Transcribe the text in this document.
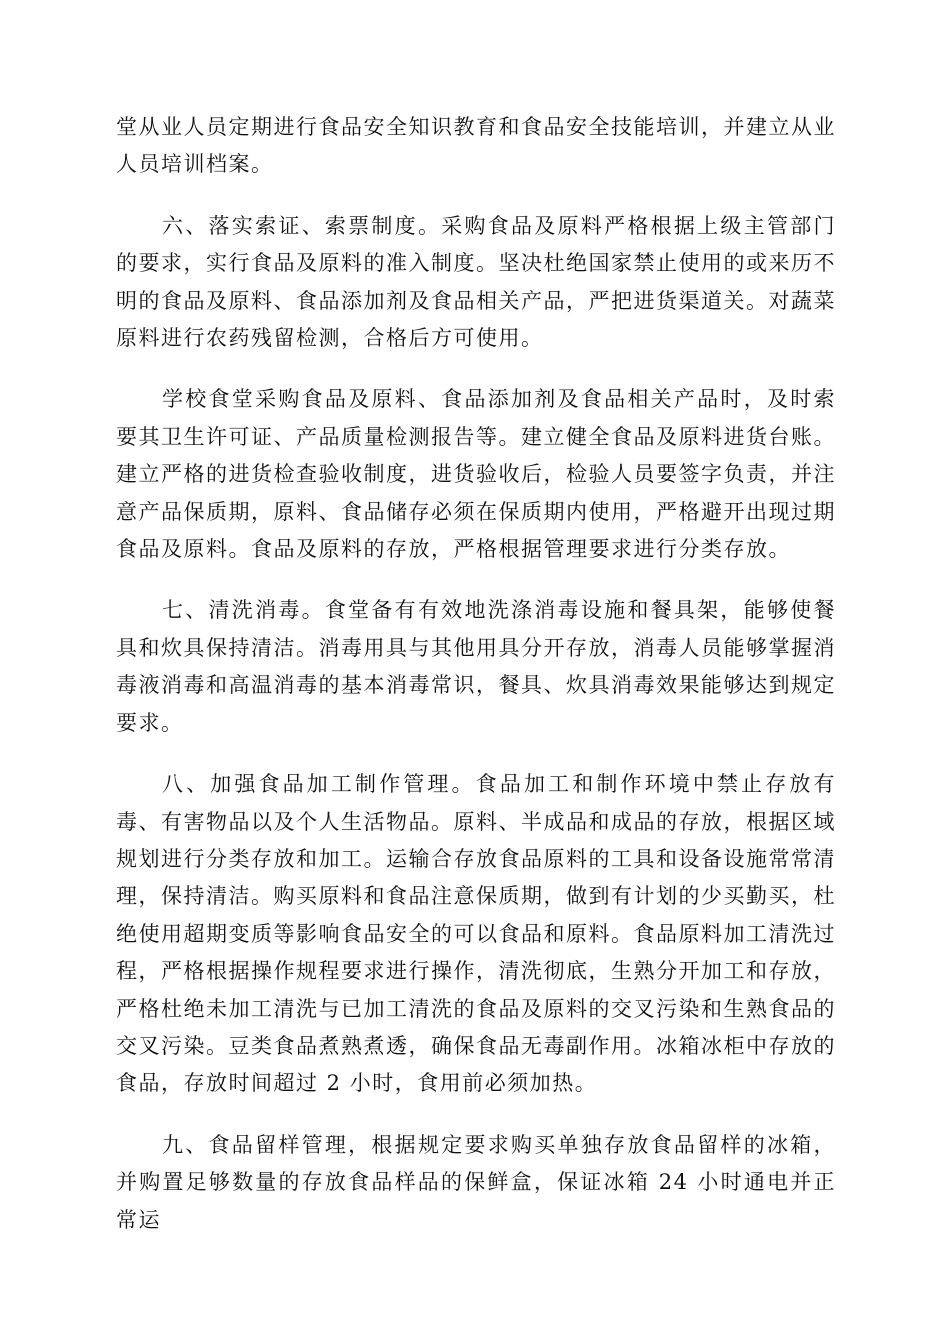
堂从业人员定期进行食品安全知识教育和食品安全技能培训，并建立从业人员培训档案。

六、落实索证、索票制度。采购食品及原料严格根据上级主管部门的要求，实行食品及原料的准入制度。坚决杜绝国家禁止使用的或来历不明的食品及原料、食品添加剂及食品相关产品，严把进货渠道关。对蔬菜原料进行农药残留检测，合格后方可使用。

学校食堂采购食品及原料、食品添加剂及食品相关产品时，及时索要其卫生许可证、产品质量检测报告等。建立健全食品及原料进货台账。建立严格的进货检查验收制度，进货验收后，检验人员要签字负责，并注意产品保质期，原料、食品储存必须在保质期内使用，严格避开出现过期食品及原料。食品及原料的存放，严格根据管理要求进行分类存放。

七、清洗消毒。食堂备有有效地洗涤消毒设施和餐具架，能够使餐具和炊具保持清洁。消毒用具与其他用具分开存放，消毒人员能够掌握消毒液消毒和高温消毒的基本消毒常识，餐具、炊具消毒效果能够达到规定要求。

八、加强食品加工制作管理。食品加工和制作环境中禁止存放有毒、有害物品以及个人生活物品。原料、半成品和成品的存放，根据区域规划进行分类存放和加工。运输合存放食品原料的工具和设备设施常常清理，保持清洁。购买原料和食品注意保质期，做到有计划的少买勤买，杜绝使用超期变质等影响食品安全的可以食品和原料。食品原料加工清洗过程，严格根据操作规程要求进行操作，清洗彻底，生熟分开加工和存放，严格杜绝未加工清洗与已加工清洗的食品及原料的交叉污染和生熟食品的交叉污染。豆类食品煮熟煮透，确保食品无毒副作用。冰箱冰柜中存放的食品，存放时间超过 2 小时，食用前必须加热。

九、食品留样管理，根据规定要求购买单独存放食品留样的冰箱，并购置足够数量的存放食品样品的保鲜盒，保证冰箱 24 小时通电并正常运
